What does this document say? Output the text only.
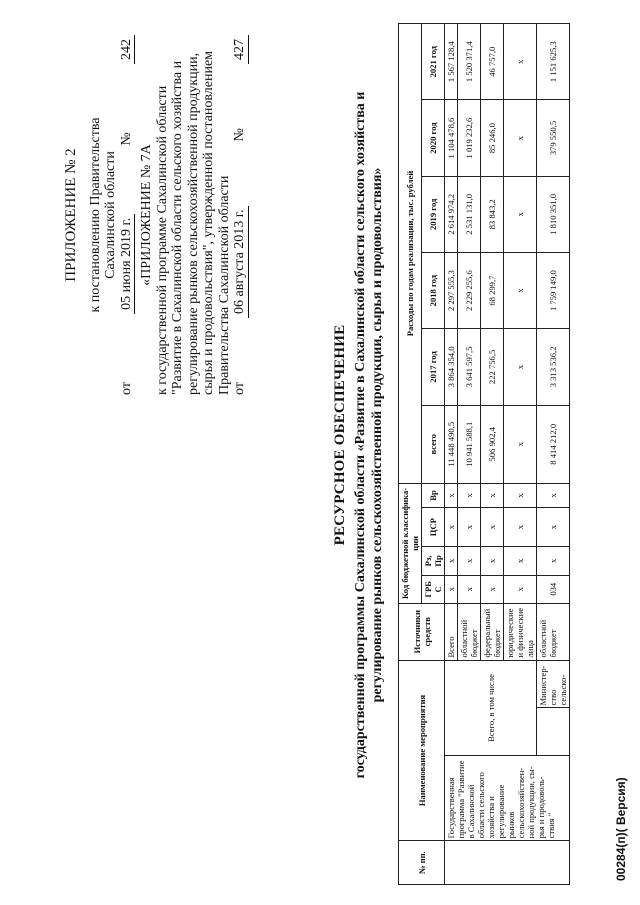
ПРИЛОЖЕНИЕ № 2 к постановлению Правительства Сахалинской области
от
05 июня 2019 г.
№
242
«ПРИЛОЖЕНИЕ № 7А к государственной программе Сахалинской области "Развитие в Сахалинской области сельского хозяйства и регулирование рынков сельскохозяйственной продукции, сырья и продовольствия", утвержденной постановлением Правительства Сахалинской области от
06 августа 2013 г.
№
427
РЕСУРСНОЕ ОБЕСПЕЧЕНИЕ государственной программы Сахалинской области «Развитие в Сахалинской области сельского хозяйства и регулирование рынков сельскохозяйственной продукции, сырья и продовольствия»
№ пп.	Наименование мероприятия			Источники средств	Код бюджетной классифика- ции				Расходы по годам реализации, тыс. рублей					
					ГРБ С	Рз, Пр	ЦСР	Вр	всего	2017 год	2018 год	2019 год	2020 год	2021 год
	Государственная программа "Развитие в Сахалинской области сельского хозяйства и регулирование рынков сельскохозяйствен-ной продукции, сы-рья и продоволь-ствия "	Всего, в том числе		Всего	х	х	х	х	11 448 490,5	3 864 354,0	2 297 555,3	2 614 974,2	1 104 478,6	1 567 128,4
				областной бюджет	х	х	х	х	10 941 588,1	3 641 597,5	2 229 255,6	2 531 131,0	1 019 232,6	1 520 371,4
				федеральный бюджет	х	х	х	х	506 902,4	222 756,5	68 299,7	83 843,2	85 246,0	46 757,0
				юридические и физические лица	х	х	х	х	х	х	х	х	х	х
			Министер-ство сельско-	областной бюджет	034	х	х	х	8 414 212,0	3 313 536,2	1 759 149,0	1 810 351,0	379 550,5	1 151 625,3
00284(п)( Версия)
